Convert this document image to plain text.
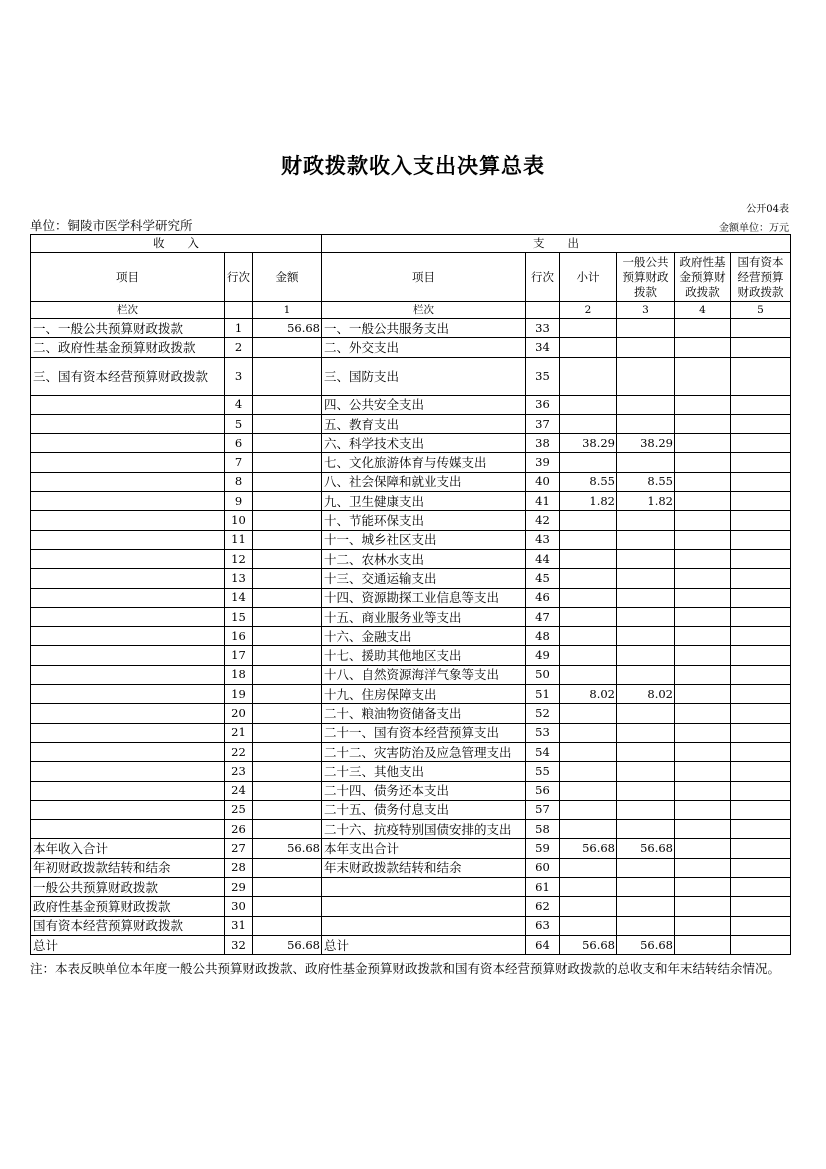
财政拨款收入支出决算总表
公开04表
单位：铜陵市医学科学研究所	金额单位：万元
收　　入			支　　出					
项目	行次	金额	项目	行次	小计	一般公共预算财政拨款	政府性基金预算财政拨款	国有资本经营预算财政拨款
栏次		1	栏次		2	3	4	5
一、一般公共预算财政拨款	1	56.68	一、一般公共服务支出	33				
二、政府性基金预算财政拨款	2		二、外交支出	34				
三、国有资本经营预算财政拨款	3		三、国防支出	35				
	4		四、公共安全支出	36				
	5		五、教育支出	37				
	6		六、科学技术支出	38	38.29	38.29		
	7		七、文化旅游体育与传媒支出	39				
	8		八、社会保障和就业支出	40	8.55	8.55		
	9		九、卫生健康支出	41	1.82	1.82		
	10		十、节能环保支出	42				
	11		十一、城乡社区支出	43				
	12		十二、农林水支出	44				
	13		十三、交通运输支出	45				
	14		十四、资源勘探工业信息等支出	46				
	15		十五、商业服务业等支出	47				
	16		十六、金融支出	48				
	17		十七、援助其他地区支出	49				
	18		十八、自然资源海洋气象等支出	50				
	19		十九、住房保障支出	51	8.02	8.02		
	20		二十、粮油物资储备支出	52				
	21		二十一、国有资本经营预算支出	53				
	22		二十二、灾害防治及应急管理支出	54				
	23		二十三、其他支出	55				
	24		二十四、债务还本支出	56				
	25		二十五、债务付息支出	57				
	26		二十六、抗疫特别国债安排的支出	58				
本年收入合计	27	56.68	本年支出合计	59	56.68	56.68		
年初财政拨款结转和结余	28		年末财政拨款结转和结余	60				
一般公共预算财政拨款	29			61				
政府性基金预算财政拨款	30			62				
国有资本经营预算财政拨款	31			63				
总计	32	56.68	总计	64	56.68	56.68		
注：本表反映单位本年度一般公共预算财政拨款、政府性基金预算财政拨款和国有资本经营预算财政拨款的总收支和年末结转结余情况。
